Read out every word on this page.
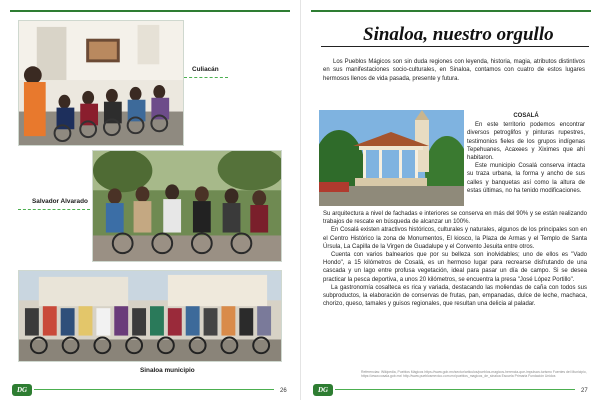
Culiacán
Salvador Alvarado
Sinaloa municipio
DG	26
Sinaloa, nuestro orgullo

Los Pueblos Mágicos son sin duda regiones con leyenda, historia, magia, atributos distintivos en sus manifestaciones socio-culturales, en Sinaloa, contamos con cuatro de estos lugares hermosos llenos de vida pasada, presente y futura.

COSALÁ

En este territorio podemos encontrar diversos petroglifos y pinturas rupestres, testimonios fieles de los grupos indígenas Tepehuanes, Acaxees y Xiximes que ahí habitaron.

Este municipio Cosalá conserva intacta su traza urbana, la forma y ancho de sus calles y banquetas así como la altura de estas últimas, no ha tenido modificaciones.

Su arquitectura a nivel de fachadas e interiores se conserva en más del 90% y se están realizando trabajos de rescate en búsqueda de alcanzar un 100%.

En Cosalá existen atractivos históricos, culturales y naturales, algunos de los principales son en el Centro Histórico la zona de Monumentos, El kiosco, la Plaza de Armas y el Templo de Santa Úrsula, La Capilla de la Virgen de Guadalupe y el Convento Jesuita entre otros.

Cuenta con varios balnearios que por su belleza son inolvidables; uno de ellos es "Vado Hondo", a 15 kilómetros de Cosalá, es un hermoso lugar para recrearse disfrutando de una cascada y un lago entre profusa vegetación, ideal para pasar un día de campo. Si se desea practicar la pesca deportiva, a unos 20 kilómetros, se encuentra la presa "José López Portillo".

La gastronomía cosalteca es rica y variada, destacando las moliendas de caña con todos sus subproductos, la elaboración de conservas de frutas, pan, empanadas, dulce de leche, machaca, chorizo, queso, tamales y guisos regionales, que resultan una delicia al paladar.

Referencias: Wikipedia, Pueblos Mágicos https://www.gob.mx/sectur/articulos/pueblos-magicos-herencia-que-impulsan-turismo Fuentes del Municipio, https://www.cosala.gob.mx/ http://www.pueblosmexico.com.mx/pueblos_magicos_de_sinaloa Escuela Primaria Fundación Unidos

DG	27
